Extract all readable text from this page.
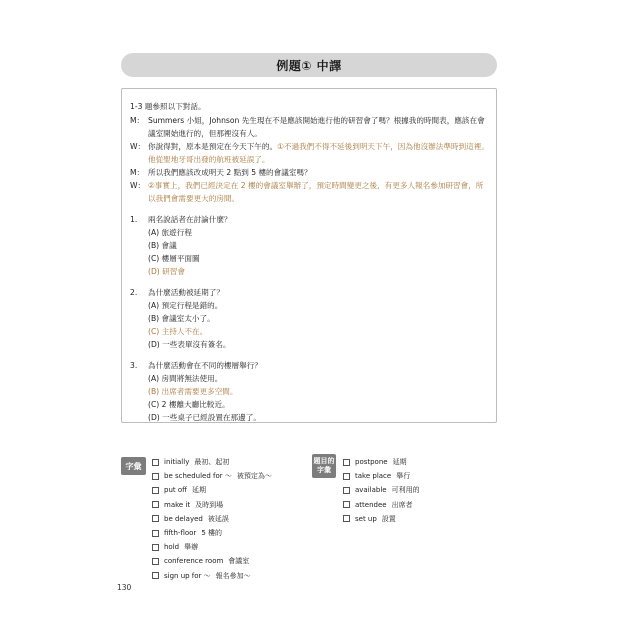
例題① 中譯
1-3 題參照以下對話。
M： Summers 小姐，Johnson 先生現在不是應該開始進行他的研習會了嗎？根據我的時間表，應該在會議室開始進行的，但那裡沒有人。
W： 你說得對，原本是預定在今天下午的。①不過我們不得不延後到明天下午，因為他沒辦法準時到這裡。他從聖地牙哥出發的航班被延誤了。
M： 所以我們應該改成明天 2 點到 5 樓的會議室嗎？
W： ②事實上，我們已經決定在 2 樓的會議室舉辦了，預定時間變更之後，有更多人報名參加研習會，所以我們會需要更大的房間。
1.	兩名說話者在討論什麼？
(A) 旅遊行程
(B) 會議
(C) 樓層平面圖
(D) 研習會
2.	為什麼活動被延期了？
(A) 預定行程是錯的。
(B) 會議室太小了。
(C) 主持人不在。
(D) 一些表單沒有簽名。
3.	為什麼活動會在不同的樓層舉行？
(A) 房間將無法使用。
(B) 出席者需要更多空間。
(C) 2 樓離大廳比較近。
(D) 一些桌子已經設置在那邊了。
字彙	initially 最初、起初
be scheduled for ～ 被預定為～
put off 延期
make it 及時到場
be delayed 被延誤
fifth-floor 5 樓的
hold 舉辦
conference room 會議室
sign up for ～ 報名參加～
題目的
字彙
postpone 延期
take place 舉行
available 可利用的
attendee 出席者
set up 設置
130
